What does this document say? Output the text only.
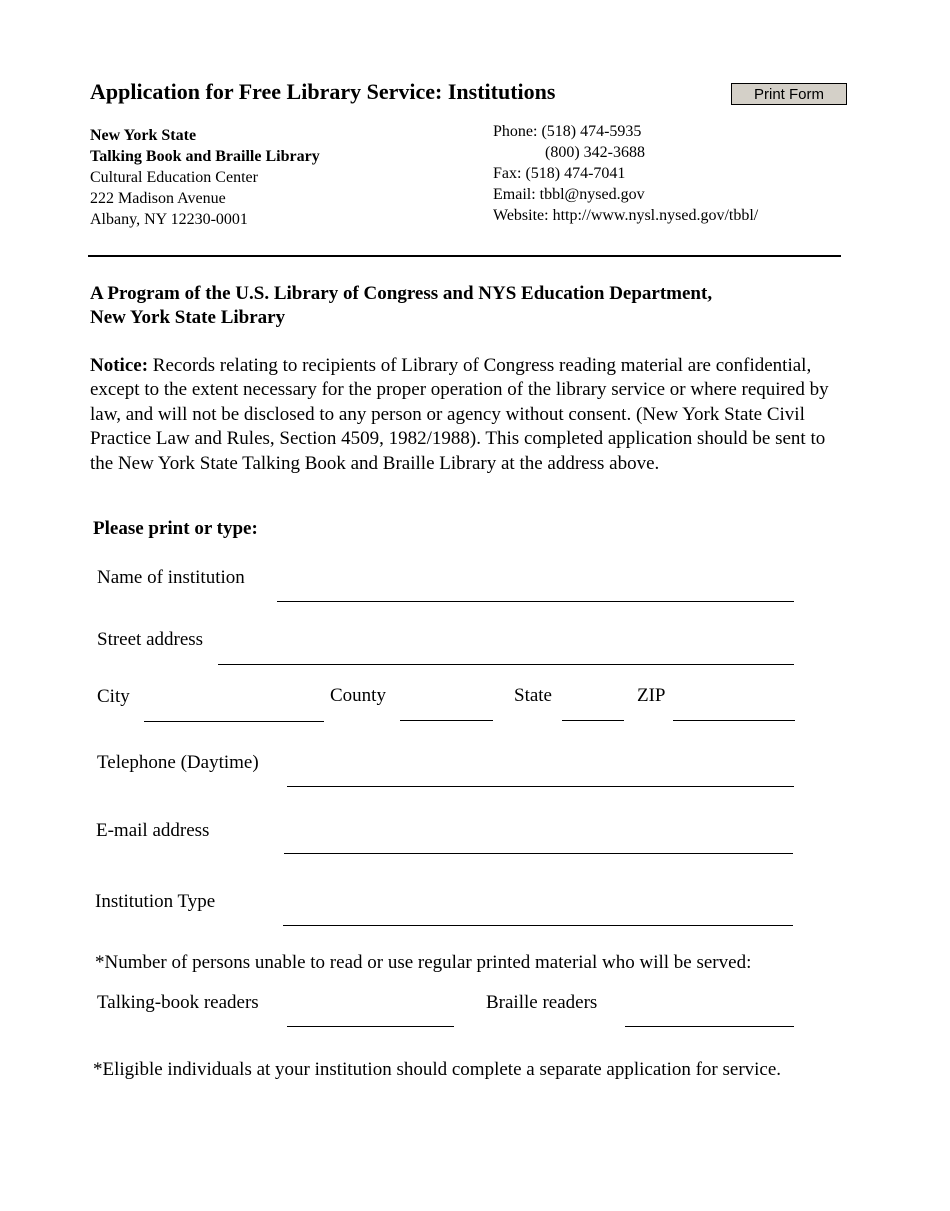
Application for Free Library Service: Institutions	Print Form
New York State
Talking Book and Braille Library
Cultural Education Center
222 Madison Avenue
Albany, NY 12230-0001
Phone: (518) 474-5935
(800) 342-3688
Fax: (518) 474-7041
Email: tbbl@nysed.gov
Website: http://www.nysl.nysed.gov/tbbl/
A Program of the U.S. Library of Congress and NYS Education Department,
New York State Library
Notice: Records relating to recipients of Library of Congress reading material are confidential, except to the extent necessary for the proper operation of the library service or where required by law, and will not be disclosed to any person or agency without consent. (New York State Civil Practice Law and Rules, Section 4509, 1982/1988). This completed application should be sent to the New York State Talking Book and Braille Library at the address above.
Please print or type:
Name of institution
Street address
City	County	State	ZIP
Telephone (Daytime)
E-mail address
Institution Type
*Number of persons unable to read or use regular printed material who will be served:
Talking-book readers	Braille readers
*Eligible individuals at your institution should complete a separate application for service.
